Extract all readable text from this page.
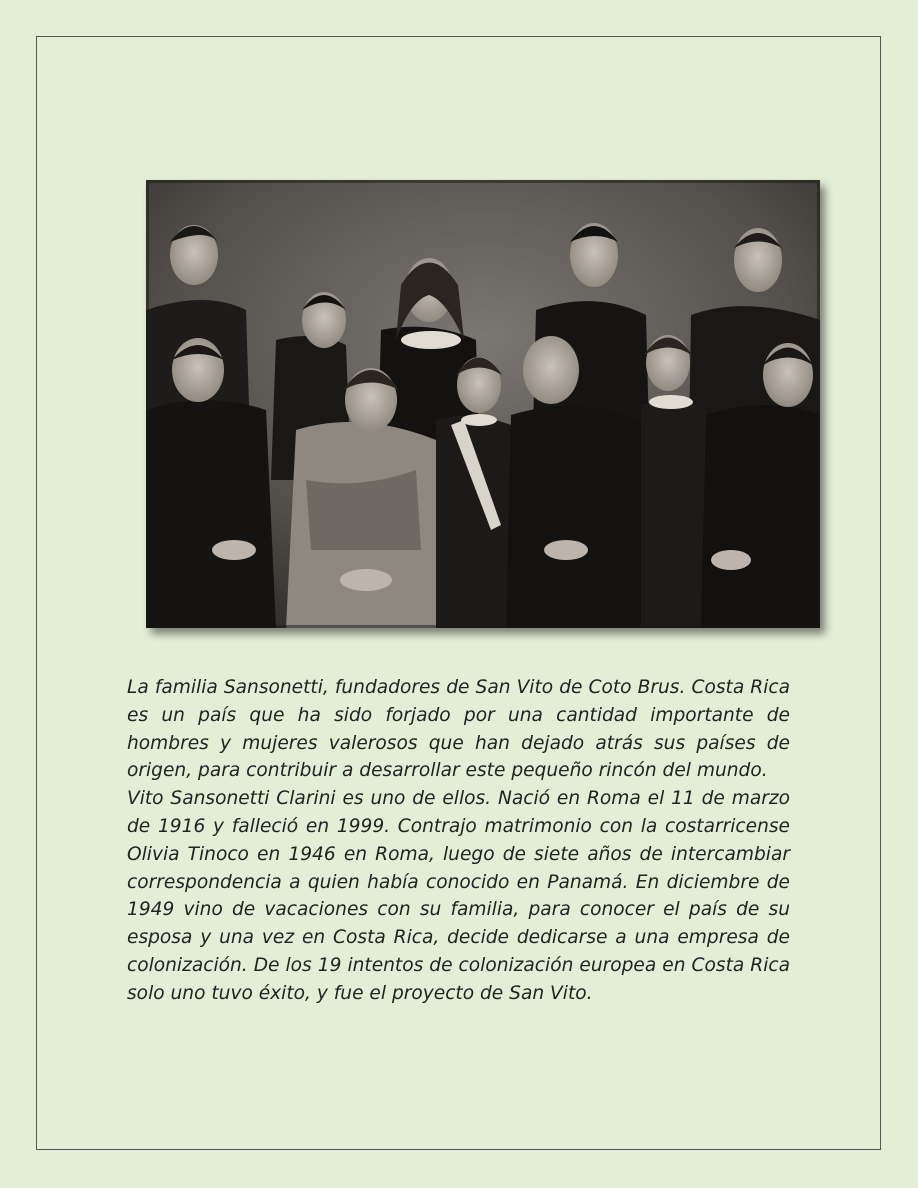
La familia Sansonetti, fundadores de San Vito de Coto Brus. Costa Rica es un país que ha sido forjado por una cantidad importante de hombres y mujeres valerosos que han dejado atrás sus países de origen, para contribuir a desarrollar este pequeño rincón del mundo.

Vito Sansonetti Clarini es uno de ellos. Nació en Roma el 11 de marzo de 1916 y falleció en 1999. Contrajo matrimonio con la costarricense Olivia Tinoco en 1946 en Roma, luego de siete años de intercambiar correspondencia a quien había conocido en Panamá. En diciembre de 1949 vino de vacaciones con su familia, para conocer el país de su esposa y una vez en Costa Rica, decide dedicarse a una empresa de colonización. De los 19 intentos de colonización europea en Costa Rica solo uno tuvo éxito, y fue el proyecto de San Vito.
